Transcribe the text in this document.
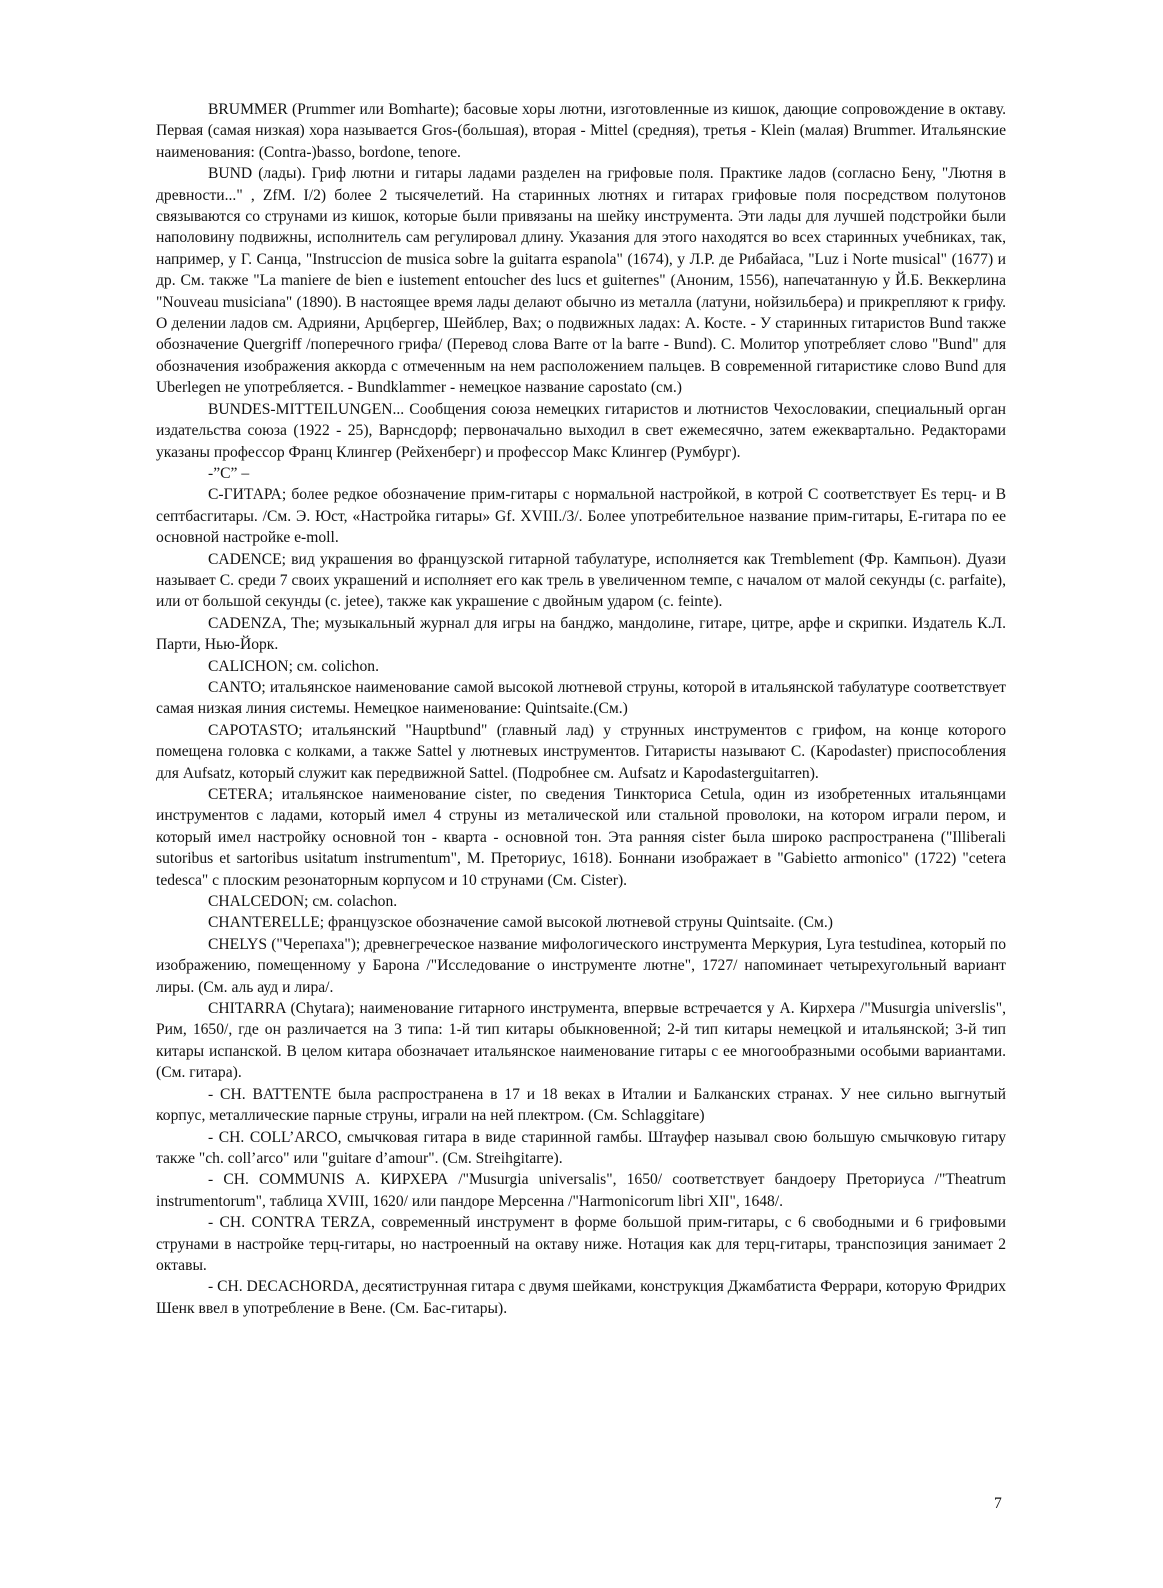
BRUMMER (Prummer или Bomharte); басовые хоры лютни, изготовленные из кишок, дающие сопровождение в октаву. Первая (самая низкая) хора называется Gros-(большая), вторая - Mittel (средняя), третья - Klein (малая) Brummer. Итальянские наименования: (Contra-)basso, bordone, tenore.

BUND (лады). Гриф лютни и гитары ладами разделен на грифовые поля. Практике ладов (согласно Бену, "Лютня в древности..." , ZfM. I/2) более 2 тысячелетий. На старинных лютнях и гитарах грифовые поля посредством полутонов связываются со струнами из кишок, которые были привязаны на шейку инструмента. Эти лады для лучшей подстройки были наполовину подвижны, исполнитель сам регулировал длину. Указания для этого находятся во всех старинных учебниках, так, например, у Г. Санца, "Instruccion de musica sobre la guitarra espanola" (1674), у Л.Р. де Рибайаса, "Luz i Norte musical" (1677) и др. См. также "La maniere de bien e iustement entoucher des lucs et guiternes" (Аноним, 1556), напечатанную у Й.Б. Веккерлина "Nouveau musiciana" (1890). В настоящее время лады делают обычно из металла (латуни, нойзильбера) и прикрепляют к грифу. О делении ладов см. Адрияни, Арцбергер, Шейблер, Вах; о подвижных ладах: А. Косте. - У старинных гитаристов Bund также обозначение Quergriff /поперечного грифа/ (Перевод слова Barre от la barre - Bund). С. Молитор употребляет слово "Bund" для обозначения изображения аккорда с отмеченным на нем расположением пальцев. В современной гитаристике слово Bund для Uberlegen не употребляется. - Bundklammer - немецкое название capostato (см.)

BUNDES-MITTEILUNGEN... Сообщения союза немецких гитаристов и лютнистов Чехословакии, специальный орган издательства союза (1922 - 25), Варнсдорф; первоначально выходил в свет ежемесячно, затем ежеквартально. Редакторами указаны профессор Франц Клингер (Рейхенберг) и профессор Макс Клингер (Румбург).

-”С” –

С-ГИТАРА; более редкое обозначение прим-гитары с нормальной настройкой, в котрой С соответствует Es терц- и В септбасгитары. /См. Э. Юст, «Настройка гитары» Gf. XVIII./3/. Более употребительное название прим-гитары, Е-гитара по ее основной настройке e-moll.

CADENCE; вид украшения во французской гитарной табулатуре, исполняется как Tremblement (Фр. Кампьон). Дуази называет С. среди 7 своих украшений и исполняет его как трель в увеличенном темпе, с началом от малой секунды (c. parfaite), или от большой секунды (c. jetee), также как украшение с двойным ударом (c. feinte).

CADENZA, The; музыкальный журнал для игры на банджо, мандолине, гитаре, цитре, арфе и скрипки. Издатель К.Л. Парти, Нью-Йорк.

CALICHON; см. colichon.

CANTO; итальянское наименование самой высокой лютневой струны, которой в итальянской табулатуре соответствует самая низкая линия системы. Немецкое наименование: Quintsaite.(См.)

CAPOTASTO; итальянский "Hauptbund" (главный лад) у струнных инструментов с грифом, на конце которого помещена головка с колками, а также Sattel у лютневых инструментов. Гитаристы называют С. (Kapodaster) приспособления для Aufsatz, который служит как передвижной Sattel. (Подробнее см. Aufsatz и Kapodasterguitarren).

CETERA; итальянское наименование cister, по сведения Тинкториса Cetula, один из изобретенных итальянцами инструментов с ладами, который имел 4 струны из металической или стальной проволоки, на котором играли пером, и который имел настройку основной тон - кварта - основной тон. Эта ранняя cister была широко распространена ("Illiberali sutoribus et sartoribus usitatum instrumentum", М. Преториус, 1618). Боннани изображает в "Gabietto armonico" (1722) "cetera tedesca" с плоским резонаторным корпусом и 10 струнами (См. Cister).

CHALCEDON; см. colachon.

CHANTERELLE; французское обозначение самой высокой лютневой струны Quintsaite. (См.)

CHELYS ("Черепаха"); древнегреческое название мифологического инструмента Меркурия, Lyra testudinea, который по изображению, помещенному у Барона /"Исследование о инструменте лютне", 1727/ напоминает четырехугольный вариант лиры. (См. аль ауд и лира/.

CHITARRA (Chytara); наименование гитарного инструмента, впервые встречается у А. Кирхера /"Musurgia universlis", Рим, 1650/, где он различается на 3 типа: 1-й тип китары обыкновенной; 2-й тип китары немецкой и итальянской; 3-й тип китары испанской. В целом китара обозначает итальянское наименование гитары с ее многообразными особыми вариантами. (См. гитара).

- CH. BATTENTE была распространена в 17 и 18 веках в Италии и Балканских странах. У нее сильно выгнутый корпус, металлические парные струны, играли на ней плектром. (См. Schlaggitare)

- CH. COLL’ARCO, смычковая гитара в виде старинной гамбы. Штауфер называл свою большую смычковую гитару также "ch. coll’arco" или "guitare d’amour". (См. Streihgitarre).

- CH. COMMUNIS А. КИРХЕРА /"Musurgia universalis", 1650/ соответствует бандоеру Преториуса /"Theatrum instrumentorum", таблица XVIII, 1620/ или пандоре Мерсенна /"Harmonicorum libri XII", 1648/.

- CH. CONTRA TERZA, современный инструмент в форме большой прим-гитары, с 6 свободными и 6 грифовыми струнами в настройке терц-гитары, но настроенный на октаву ниже. Нотация как для терц-гитары, транспозиция занимает 2 октавы.

- CH. DECACHORDA, десятиструнная гитара с двумя шейками, конструкция Джамбатиста Феррари, которую Фридрих Шенк ввел в употребление в Вене. (См. Бас-гитары).

7
